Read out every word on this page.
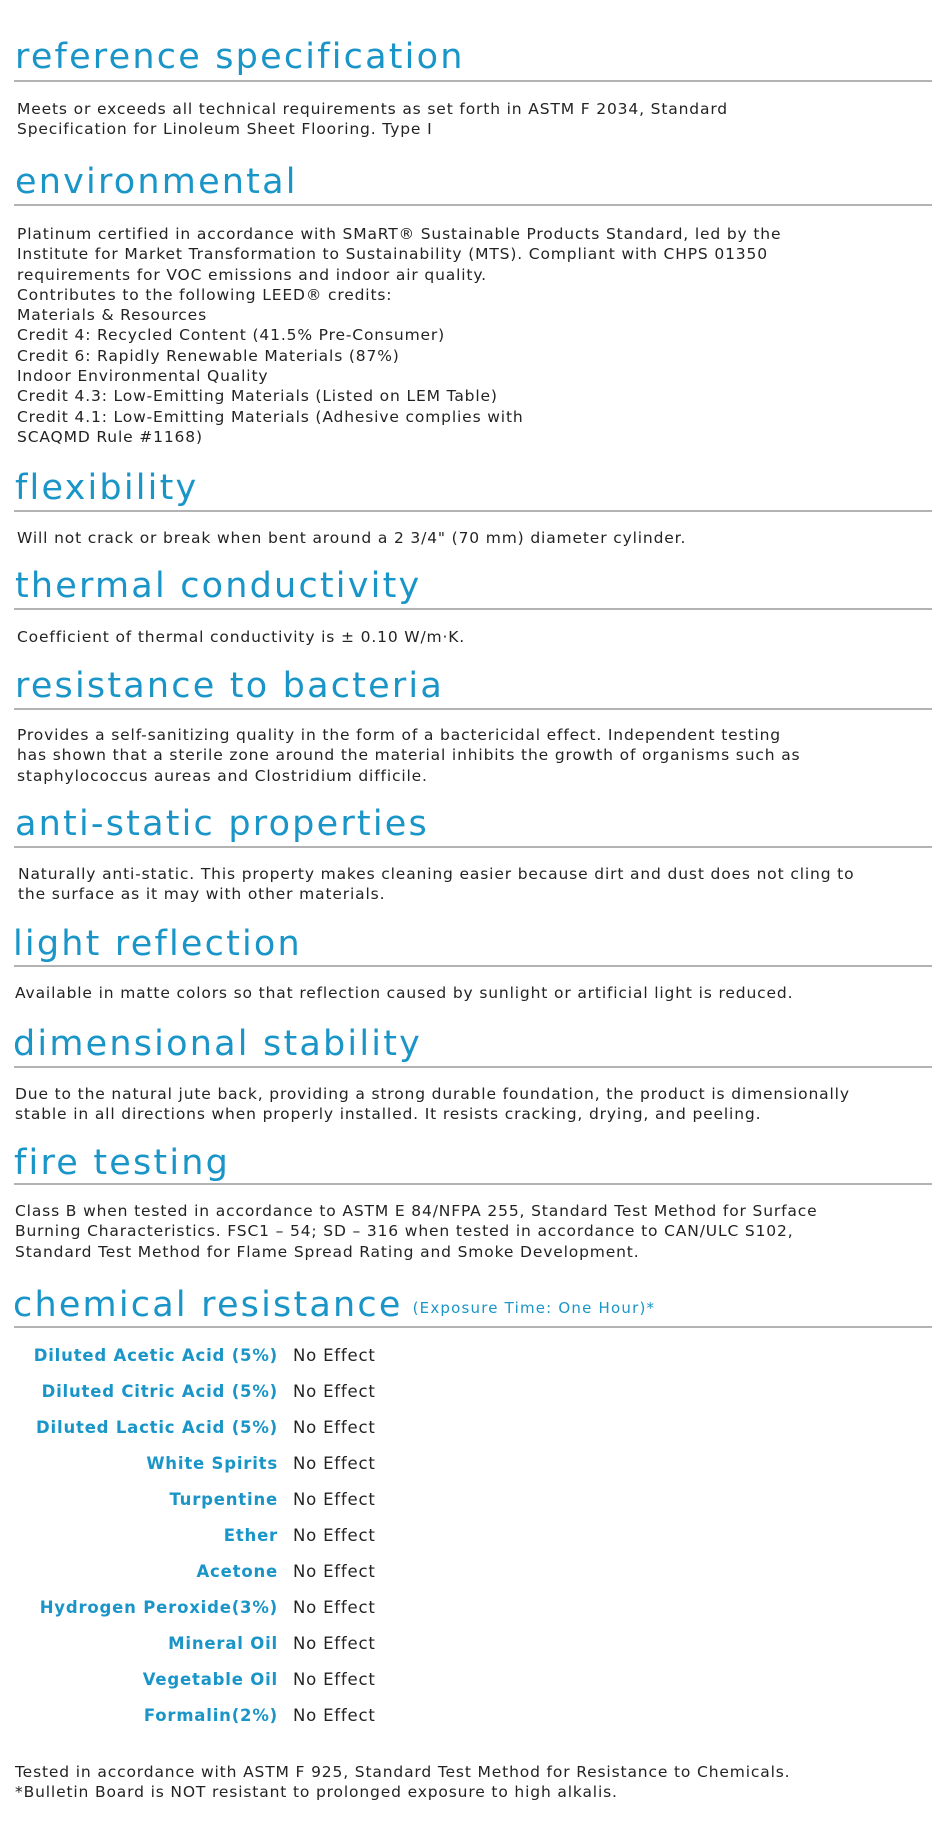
reference specification
Meets or exceeds all technical requirements as set forth in ASTM F 2034, Standard
Specification for Linoleum Sheet Flooring. Type I
environmental
Platinum certified in accordance with SMaRT® Sustainable Products Standard, led by the
Institute for Market Transformation to Sustainability (MTS). Compliant with CHPS 01350
requirements for VOC emissions and indoor air quality.
Contributes to the following LEED® credits:
Materials & Resources
Credit 4: Recycled Content (41.5% Pre-Consumer)
Credit 6: Rapidly Renewable Materials (87%)
Indoor Environmental Quality
Credit 4.3: Low-Emitting Materials (Listed on LEM Table)
Credit 4.1: Low-Emitting Materials (Adhesive complies with
SCAQMD Rule #1168)
flexibility
Will not crack or break when bent around a 2 3/4" (70 mm) diameter cylinder.
thermal conductivity
Coefficient of thermal conductivity is ± 0.10 W/m·K.
resistance to bacteria
Provides a self-sanitizing quality in the form of a bactericidal effect. Independent testing
has shown that a sterile zone around the material inhibits the growth of organisms such as
staphylococcus aureas and Clostridium difficile.
anti-static properties
Naturally anti-static. This property makes cleaning easier because dirt and dust does not cling to
the surface as it may with other materials.
light reflection
Available in matte colors so that reflection caused by sunlight or artificial light is reduced.
dimensional stability
Due to the natural jute back, providing a strong durable foundation, the product is dimensionally
stable in all directions when properly installed. It resists cracking, drying, and peeling.
fire testing
Class B when tested in accordance to ASTM E 84/NFPA 255, Standard Test Method for Surface
Burning Characteristics. FSC1 – 54; SD – 316 when tested in accordance to CAN/ULC S102,
Standard Test Method for Flame Spread Rating and Smoke Development.
chemical resistance $^{(Exposure Time: One Hour)*}$
Diluted Acetic Acid (5%) No Effect
Diluted Citric Acid (5%) No Effect
Diluted Lactic Acid (5%) No Effect
White Spirits No Effect
Turpentine No Effect
Ether No Effect
Acetone No Effect
Hydrogen Peroxide(3%) No Effect
Mineral Oil No Effect
Vegetable Oil No Effect
Formalin(2%) No Effect
Tested in accordance with ASTM F 925, Standard Test Method for Resistance to Chemicals.
*Bulletin Board is NOT resistant to prolonged exposure to high alkalis.
